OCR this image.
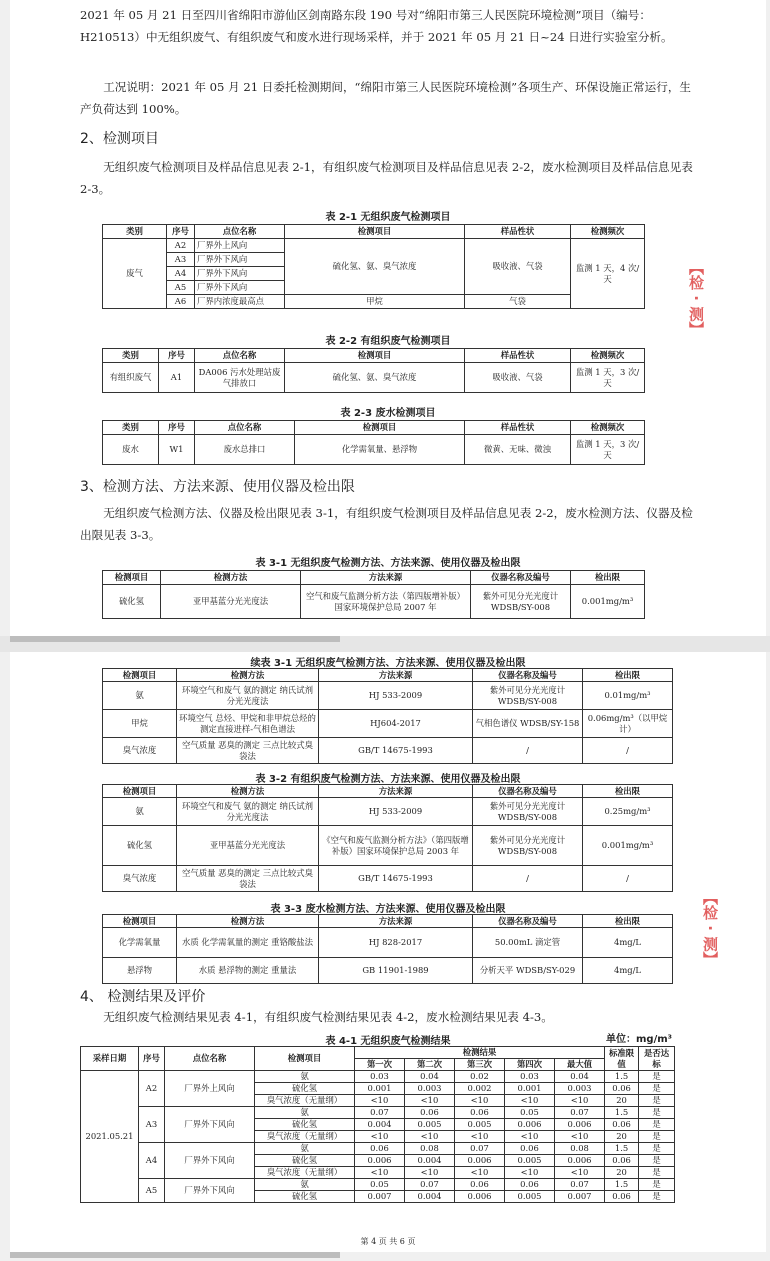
2021 年 05 月 21 日至四川省绵阳市游仙区剑南路东段 190 号对“绵阳市第三人民医院环境检测”项目（编号：H210513）中无组织废气、有组织废气和废水进行现场采样，并于 2021 年 05 月 21 日~24 日进行实验室分析。

工况说明：2021 年 05 月 21 日委托检测期间，“绵阳市第三人民医院环境检测”各项生产、环保设施正常运行，生产负荷达到 100%。

2、检测项目

无组织废气检测项目及样品信息见表 2-1，有组织废气检测项目及样品信息见表 2-2，废水检测项目及样品信息见表 2-3。

表 2-1 无组织废气检测项目
类别	序号	点位名称	检测项目	样品性状	检测频次
废气	A2	厂界外上风向	硫化氢、氨、臭气浓度	吸收液、气袋	监测 1 天，4 次/天
	A3	厂界外下风向			
	A4	厂界外下风向			
	A5	厂界外下风向			
	A6	厂界内浓度最高点	甲烷	气袋	
表 2-2 有组织废气检测项目
类别	序号	点位名称	检测项目	样品性状	检测频次
有组织废气	A1	DA006 污水处理站废气排放口	硫化氢、氨、臭气浓度	吸收液、气袋	监测 1 天，3 次/天
表 2-3 废水检测项目
类别	序号	点位名称	检测项目	样品性状	检测频次
废水	W1	废水总排口	化学需氧量、悬浮物	微黄、无味、微浊	监测 1 天，3 次/天
3、检测方法、方法来源、使用仪器及检出限

无组织废气检测方法、仪器及检出限见表 3-1，有组织废气检测项目及样品信息见表 2-2，废水检测方法、仪器及检出限见表 3-3。

表 3-1 无组织废气检测方法、方法来源、使用仪器及检出限
检测项目	检测方法	方法来源	仪器名称及编号	检出限
硫化氢	亚甲基蓝分光光度法	空气和废气监测分析方法（第四版增补版）国家环境保护总局 2007 年	紫外可见分光光度计 WDSB/SY-008	0.001mg/m³
【检 · 测】
续表 3-1 无组织废气检测方法、方法来源、使用仪器及检出限
检测项目	检测方法	方法来源	仪器名称及编号	检出限
氨	环境空气和废气 氨的测定 纳氏试剂分光光度法	HJ 533-2009	紫外可见分光光度计 WDSB/SY-008	0.01mg/m³
甲烷	环境空气 总烃、甲烷和非甲烷总烃的测定直接进样-气相色谱法	HJ604-2017	气相色谱仪 WDSB/SY-158	0.06mg/m³（以甲烷计）
臭气浓度	空气质量 恶臭的测定 三点比较式臭袋法	GB/T 14675-1993	/	/
表 3-2 有组织废气检测方法、方法来源、使用仪器及检出限
检测项目	检测方法	方法来源	仪器名称及编号	检出限
氨	环境空气和废气 氨的测定 纳氏试剂分光光度法	HJ 533-2009	紫外可见分光光度计 WDSB/SY-008	0.25mg/m³
硫化氢	亚甲基蓝分光光度法	《空气和废气监测分析方法》（第四版增补版）国家环境保护总局 2003 年	紫外可见分光光度计 WDSB/SY-008	0.001mg/m³
臭气浓度	空气质量 恶臭的测定 三点比较式臭袋法	GB/T 14675-1993	/	/
表 3-3 废水检测方法、方法来源、使用仪器及检出限
检测项目	检测方法	方法来源	仪器名称及编号	检出限
化学需氧量	水质 化学需氧量的测定 重铬酸盐法	HJ 828-2017	50.00mL 滴定管	4mg/L
悬浮物	水质 悬浮物的测定 重量法	GB 11901-1989	分析天平 WDSB/SY-029	4mg/L
4、 检测结果及评价

无组织废气检测结果见表 4-1，有组织废气检测结果见表 4-2，废水检测结果见表 4-3。

表 4-1 无组织废气检测结果	单位：mg/m³
采样日期	序号	点位名称	检测项目	检测结果					标准限值	是否达标
				第一次	第二次	第三次	第四次	最大值		
2021.05.21	A2	厂界外上风向	氨	0.03	0.04	0.02	0.03	0.04	1.5	是
			硫化氢	0.001	0.003	0.002	0.001	0.003	0.06	是
			臭气浓度（无量纲）	<10	<10	<10	<10	<10	20	是
	A3	厂界外下风向	氨	0.07	0.06	0.06	0.05	0.07	1.5	是
			硫化氢	0.004	0.005	0.005	0.006	0.006	0.06	是
			臭气浓度（无量纲）	<10	<10	<10	<10	<10	20	是
	A4	厂界外下风向	氨	0.06	0.08	0.07	0.06	0.08	1.5	是
			硫化氢	0.006	0.004	0.006	0.005	0.006	0.06	是
			臭气浓度（无量纲）	<10	<10	<10	<10	<10	20	是
	A5	厂界外下风向	氨	0.05	0.07	0.06	0.06	0.07	1.5	是
			硫化氢	0.007	0.004	0.006	0.005	0.007	0.06	是
【检 · 测】
第 4 页 共 6 页
